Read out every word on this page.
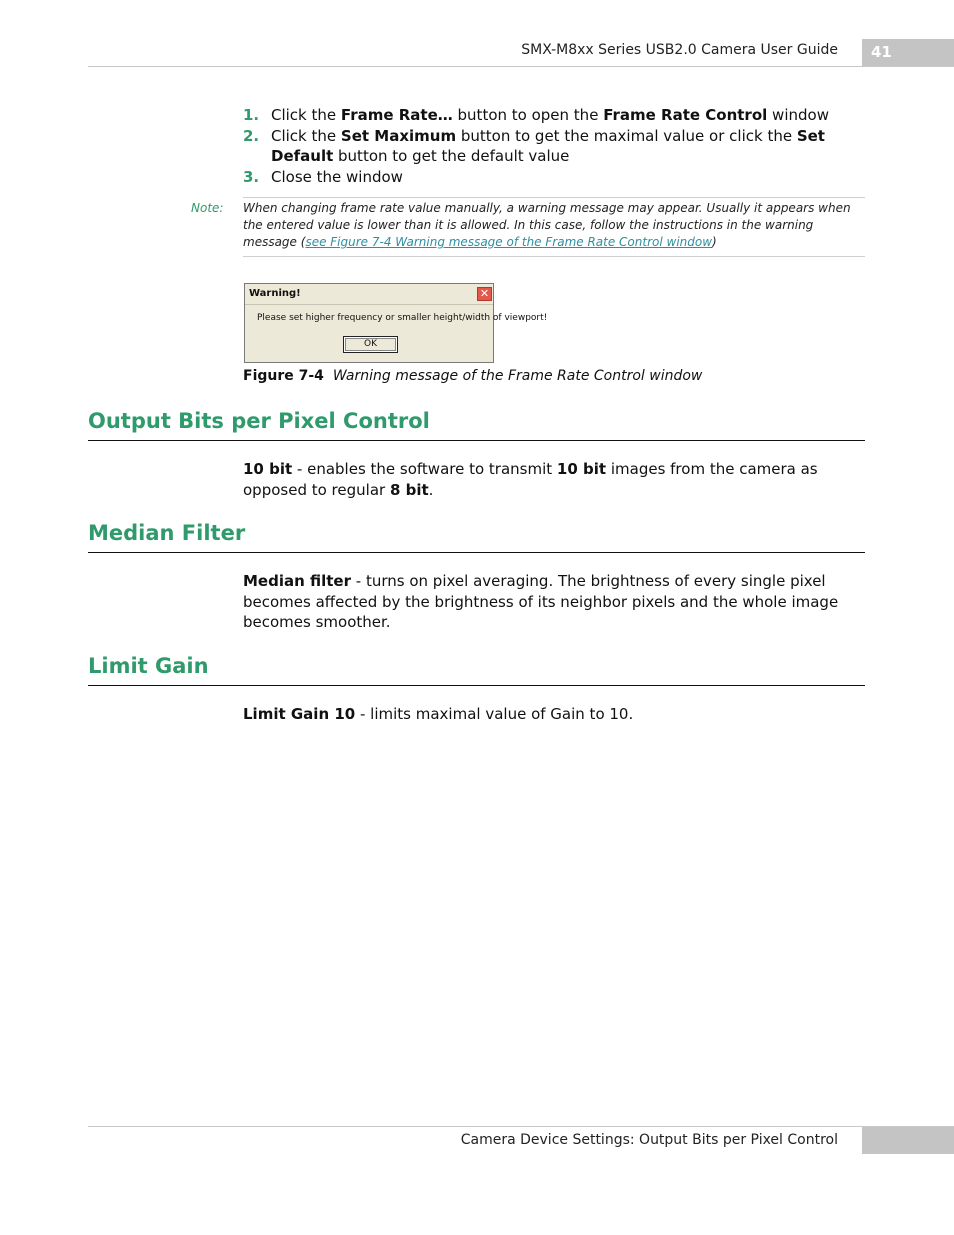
SMX-M8xx Series USB2.0 Camera User Guide 41
1. Click the Frame Rate… button to open the Frame Rate Control window
2. Click the Set Maximum button to get the maximal value or click the Set Default button to get the default value
3. Close the window
Note: When changing frame rate value manually, a warning message may appear. Usually it appears when the entered value is lower than it is allowed. In this case, follow the instructions in the warning message (see Figure 7-4 Warning message of the Frame Rate Control window)
Warning!	✕
Please set higher frequency or smaller height/width of viewport!
OK
Figure 7-4 Warning message of the Frame Rate Control window
Output Bits per Pixel Control
10 bit - enables the software to transmit 10 bit images from the camera as opposed to regular 8 bit.
Median Filter
Median filter - turns on pixel averaging. The brightness of every single pixel becomes affected by the brightness of its neighbor pixels and the whole image becomes smoother.
Limit Gain
Limit Gain 10 - limits maximal value of Gain to 10.
Camera Device Settings: Output Bits per Pixel Control
